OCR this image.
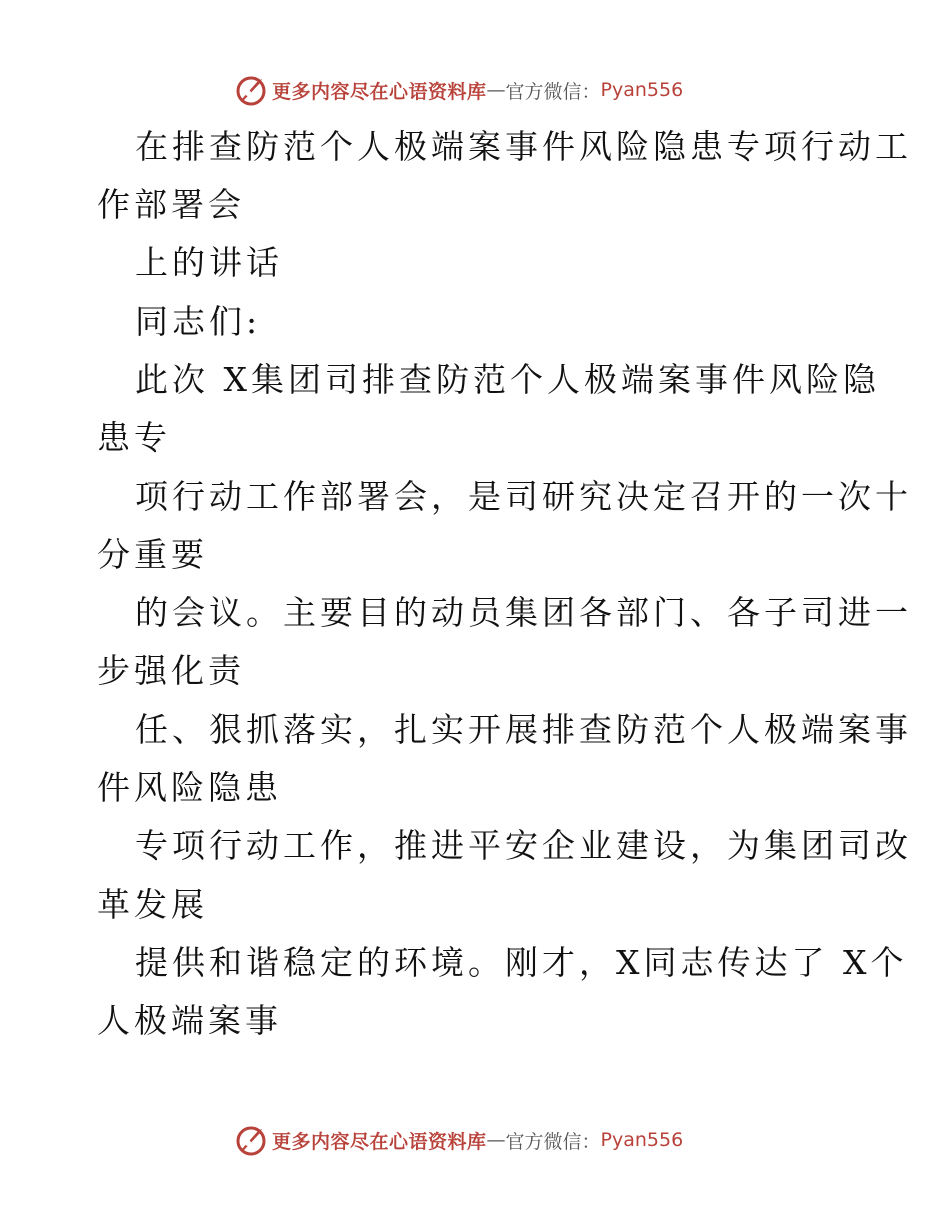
更多内容尽在心语资料库 — 官方微信： Pyan556
在排查防范个人极端案事件风险隐患专项行动工
作部署会
上的讲话
同志们:
此次 X集团司排查防范个人极端案事件风险隐
患专
项行动工作部署会，是司研究决定召开的一次十
分重要
的会议。主要目的动员集团各部门、各子司进一
步强化责
任、狠抓落实，扎实开展排查防范个人极端案事
件风险隐患
专项行动工作，推进平安企业建设，为集团司改
革发展
提供和谐稳定的环境。刚才，X同志传达了 X个
人极端案事
更多内容尽在心语资料库 — 官方微信： Pyan556
